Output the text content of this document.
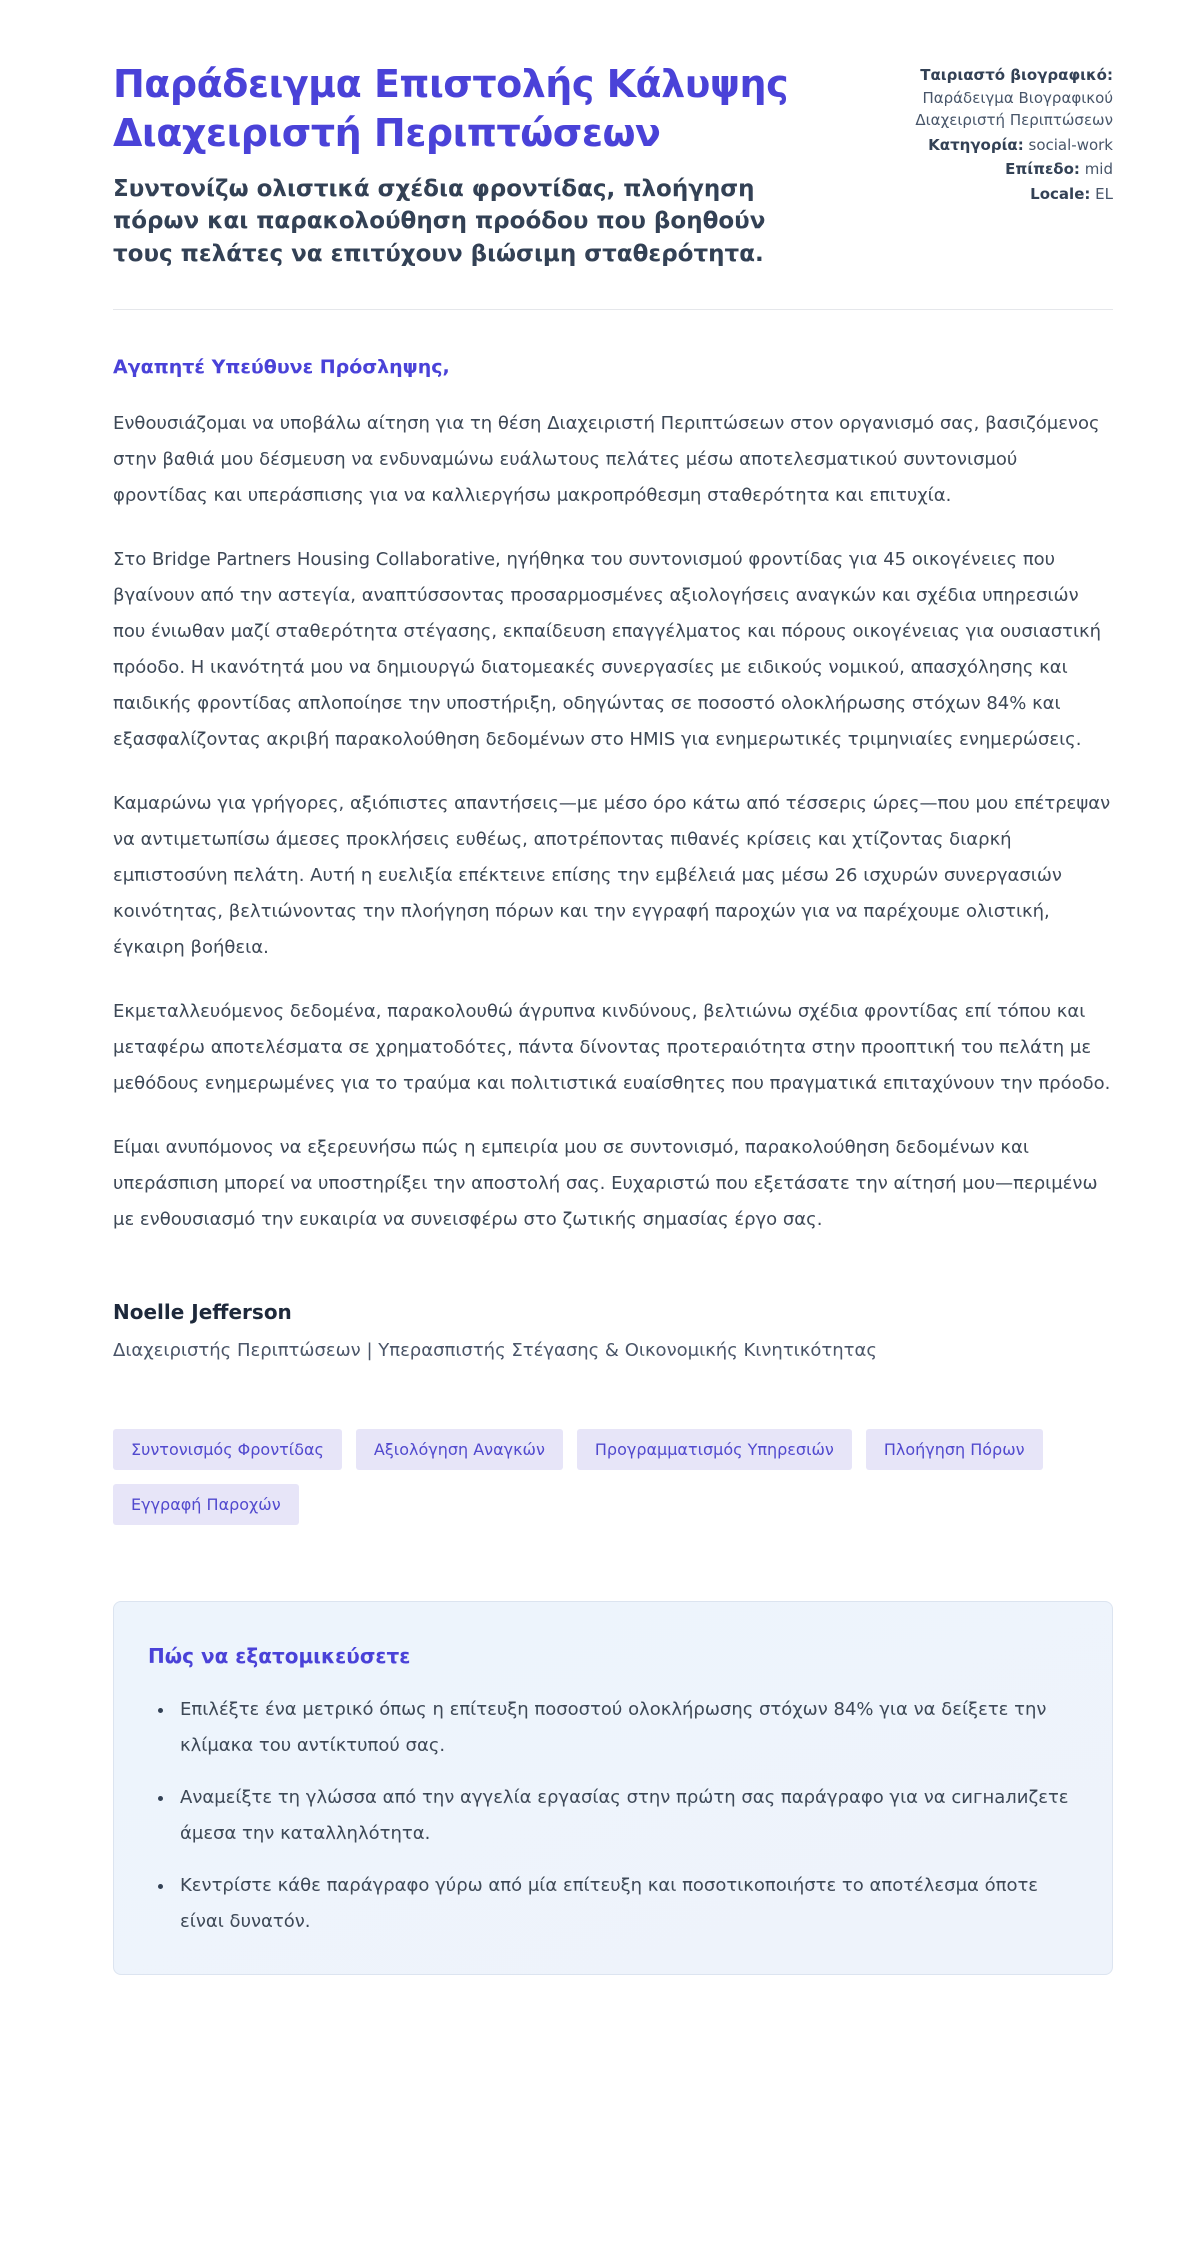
Παράδειγμα Επιστολής Κάλυψης Διαχειριστή Περιπτώσεων
Συντονίζω ολιστικά σχέδια φροντίδας, πλοήγηση πόρων και παρακολούθηση προόδου που βοηθούν τους πελάτες να επιτύχουν βιώσιμη σταθερότητα.
Ταιριαστό βιογραφικό:
Παράδειγμα Βιογραφικού Διαχειριστή Περιπτώσεων
Κατηγορία: social-work
Επίπεδο: mid
Locale: EL
Αγαπητέ Υπεύθυνε Πρόσληψης,

Ενθουσιάζομαι να υποβάλω αίτηση για τη θέση Διαχειριστή Περιπτώσεων στον οργανισμό σας, βασιζόμενος στην βαθιά μου δέσμευση να ενδυναμώνω ευάλωτους πελάτες μέσω αποτελεσματικού συντονισμού φροντίδας και υπεράσπισης για να καλλιεργήσω μακροπρόθεσμη σταθερότητα και επιτυχία.

Στο Bridge Partners Housing Collaborative, ηγήθηκα του συντονισμού φροντίδας για 45 οικογένειες που βγαίνουν από την αστεγία, αναπτύσσοντας προσαρμοσμένες αξιολογήσεις αναγκών και σχέδια υπηρεσιών που ένιωθαν μαζί σταθερότητα στέγασης, εκπαίδευση επαγγέλματος και πόρους οικογένειας για ουσιαστική πρόοδο. Η ικανότητά μου να δημιουργώ διατομεακές συνεργασίες με ειδικούς νομικού, απασχόλησης και παιδικής φροντίδας απλοποίησε την υποστήριξη, οδηγώντας σε ποσοστό ολοκλήρωσης στόχων 84% και εξασφαλίζοντας ακριβή παρακολούθηση δεδομένων στο HMIS για ενημερωτικές τριμηνιαίες ενημερώσεις.

Καμαρώνω για γρήγορες, αξιόπιστες απαντήσεις—με μέσο όρο κάτω από τέσσερις ώρες—που μου επέτρεψαν να αντιμετωπίσω άμεσες προκλήσεις ευθέως, αποτρέποντας πιθανές κρίσεις και χτίζοντας διαρκή εμπιστοσύνη πελάτη. Αυτή η ευελιξία επέκτεινε επίσης την εμβέλειά μας μέσω 26 ισχυρών συνεργασιών κοινότητας, βελτιώνοντας την πλοήγηση πόρων και την εγγραφή παροχών για να παρέχουμε ολιστική, έγκαιρη βοήθεια.

Εκμεταλλευόμενος δεδομένα, παρακολουθώ άγρυπνα κινδύνους, βελτιώνω σχέδια φροντίδας επί τόπου και μεταφέρω αποτελέσματα σε χρηματοδότες, πάντα δίνοντας προτεραιότητα στην προοπτική του πελάτη με μεθόδους ενημερωμένες για το τραύμα και πολιτιστικά ευαίσθητες που πραγματικά επιταχύνουν την πρόοδο.

Είμαι ανυπόμονος να εξερευνήσω πώς η εμπειρία μου σε συντονισμό, παρακολούθηση δεδομένων και υπεράσπιση μπορεί να υποστηρίξει την αποστολή σας. Ευχαριστώ που εξετάσατε την αίτησή μου—περιμένω με ενθουσιασμό την ευκαιρία να συνεισφέρω στο ζωτικής σημασίας έργο σας.

Noelle Jefferson
Διαχειριστής Περιπτώσεων | Υπερασπιστής Στέγασης & Οικονομικής Κινητικότητας
Συντονισμός Φροντίδας	Αξιολόγηση Αναγκών	Προγραμματισμός Υπηρεσιών	Πλοήγηση Πόρων
Εγγραφή Παροχών
Πώς να εξατομικεύσετε
• Επιλέξτε ένα μετρικό όπως η επίτευξη ποσοστού ολοκλήρωσης στόχων 84% για να δείξετε την κλίμακα του αντίκτυπού σας.
• Αναμείξτε τη γλώσσα από την αγγελία εργασίας στην πρώτη σας παράγραφο για να сигналиζετε άμεσα την καταλληλότητα.
• Κεντρίστε κάθε παράγραφο γύρω από μία επίτευξη και ποσοτικοποιήστε το αποτέλεσμα όποτε είναι δυνατόν.
